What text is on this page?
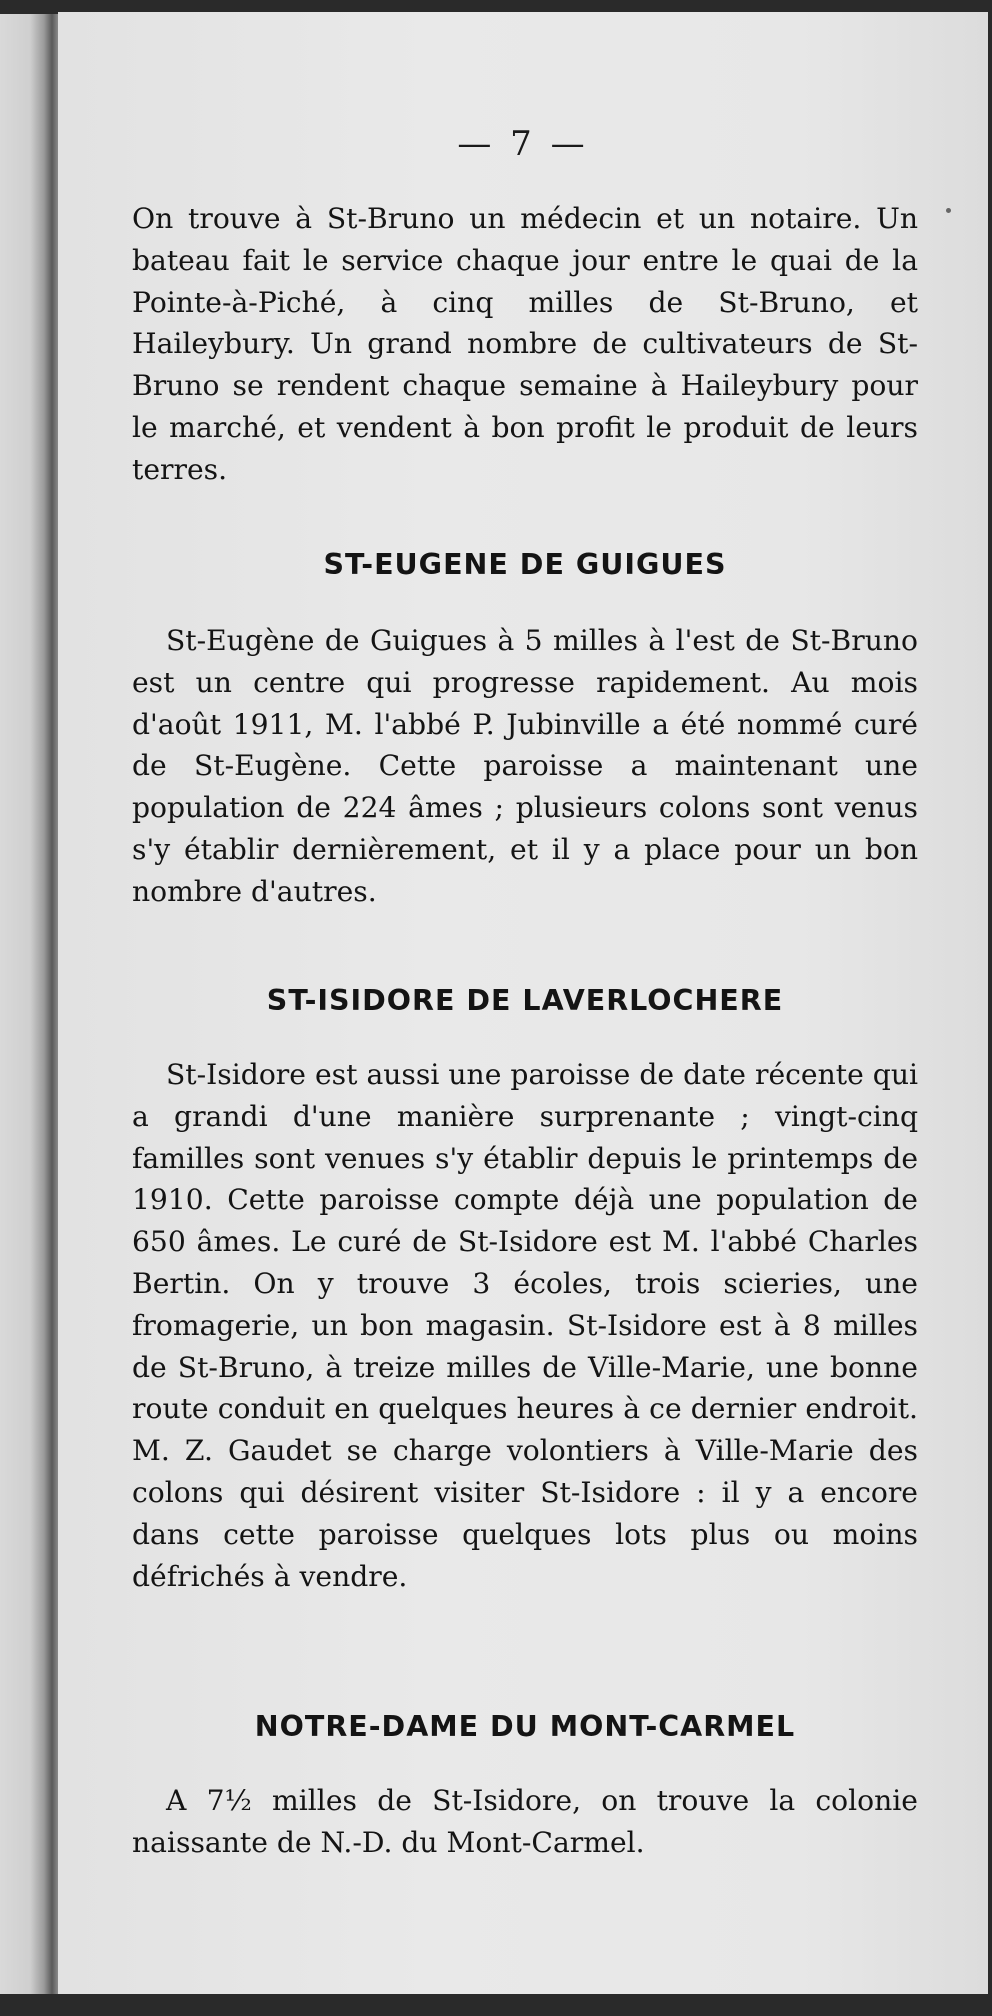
— 7 —

On trouve à St-Bruno un médecin et un notaire. Un bateau fait le service chaque jour entre le quai de la Pointe-à-Piché, à cinq milles de St-Bruno, et Haileybury. Un grand nombre de cultivateurs de St-Bruno se rendent chaque semaine à Haileybury pour le marché, et vendent à bon profit le produit de leurs terres.

ST-EUGENE DE GUIGUES

St-Eugène de Guigues à 5 milles à l'est de St-Bruno est un centre qui progresse rapidement. Au mois d'août 1911, M. l'abbé P. Jubinville a été nommé curé de St-Eugène. Cette paroisse a maintenant une population de 224 âmes ; plusieurs colons sont venus s'y établir dernièrement, et il y a place pour un bon nombre d'autres.

ST-ISIDORE DE LAVERLOCHERE

St-Isidore est aussi une paroisse de date récente qui a grandi d'une manière surprenante ; vingt-cinq familles sont venues s'y établir depuis le printemps de 1910. Cette paroisse compte déjà une population de 650 âmes. Le curé de St-Isidore est M. l'abbé Charles Bertin. On y trouve 3 écoles, trois scieries, une fromagerie, un bon magasin. St-Isidore est à 8 milles de St-Bruno, à treize milles de Ville-Marie, une bonne route conduit en quelques heures à ce dernier endroit. M. Z. Gaudet se charge volontiers à Ville-Marie des colons qui désirent visiter St-Isidore : il y a encore dans cette paroisse quelques lots plus ou moins défrichés à vendre.

NOTRE-DAME DU MONT-CARMEL

A 7½ milles de St-Isidore, on trouve la colonie naissante de N.-D. du Mont-Carmel.
